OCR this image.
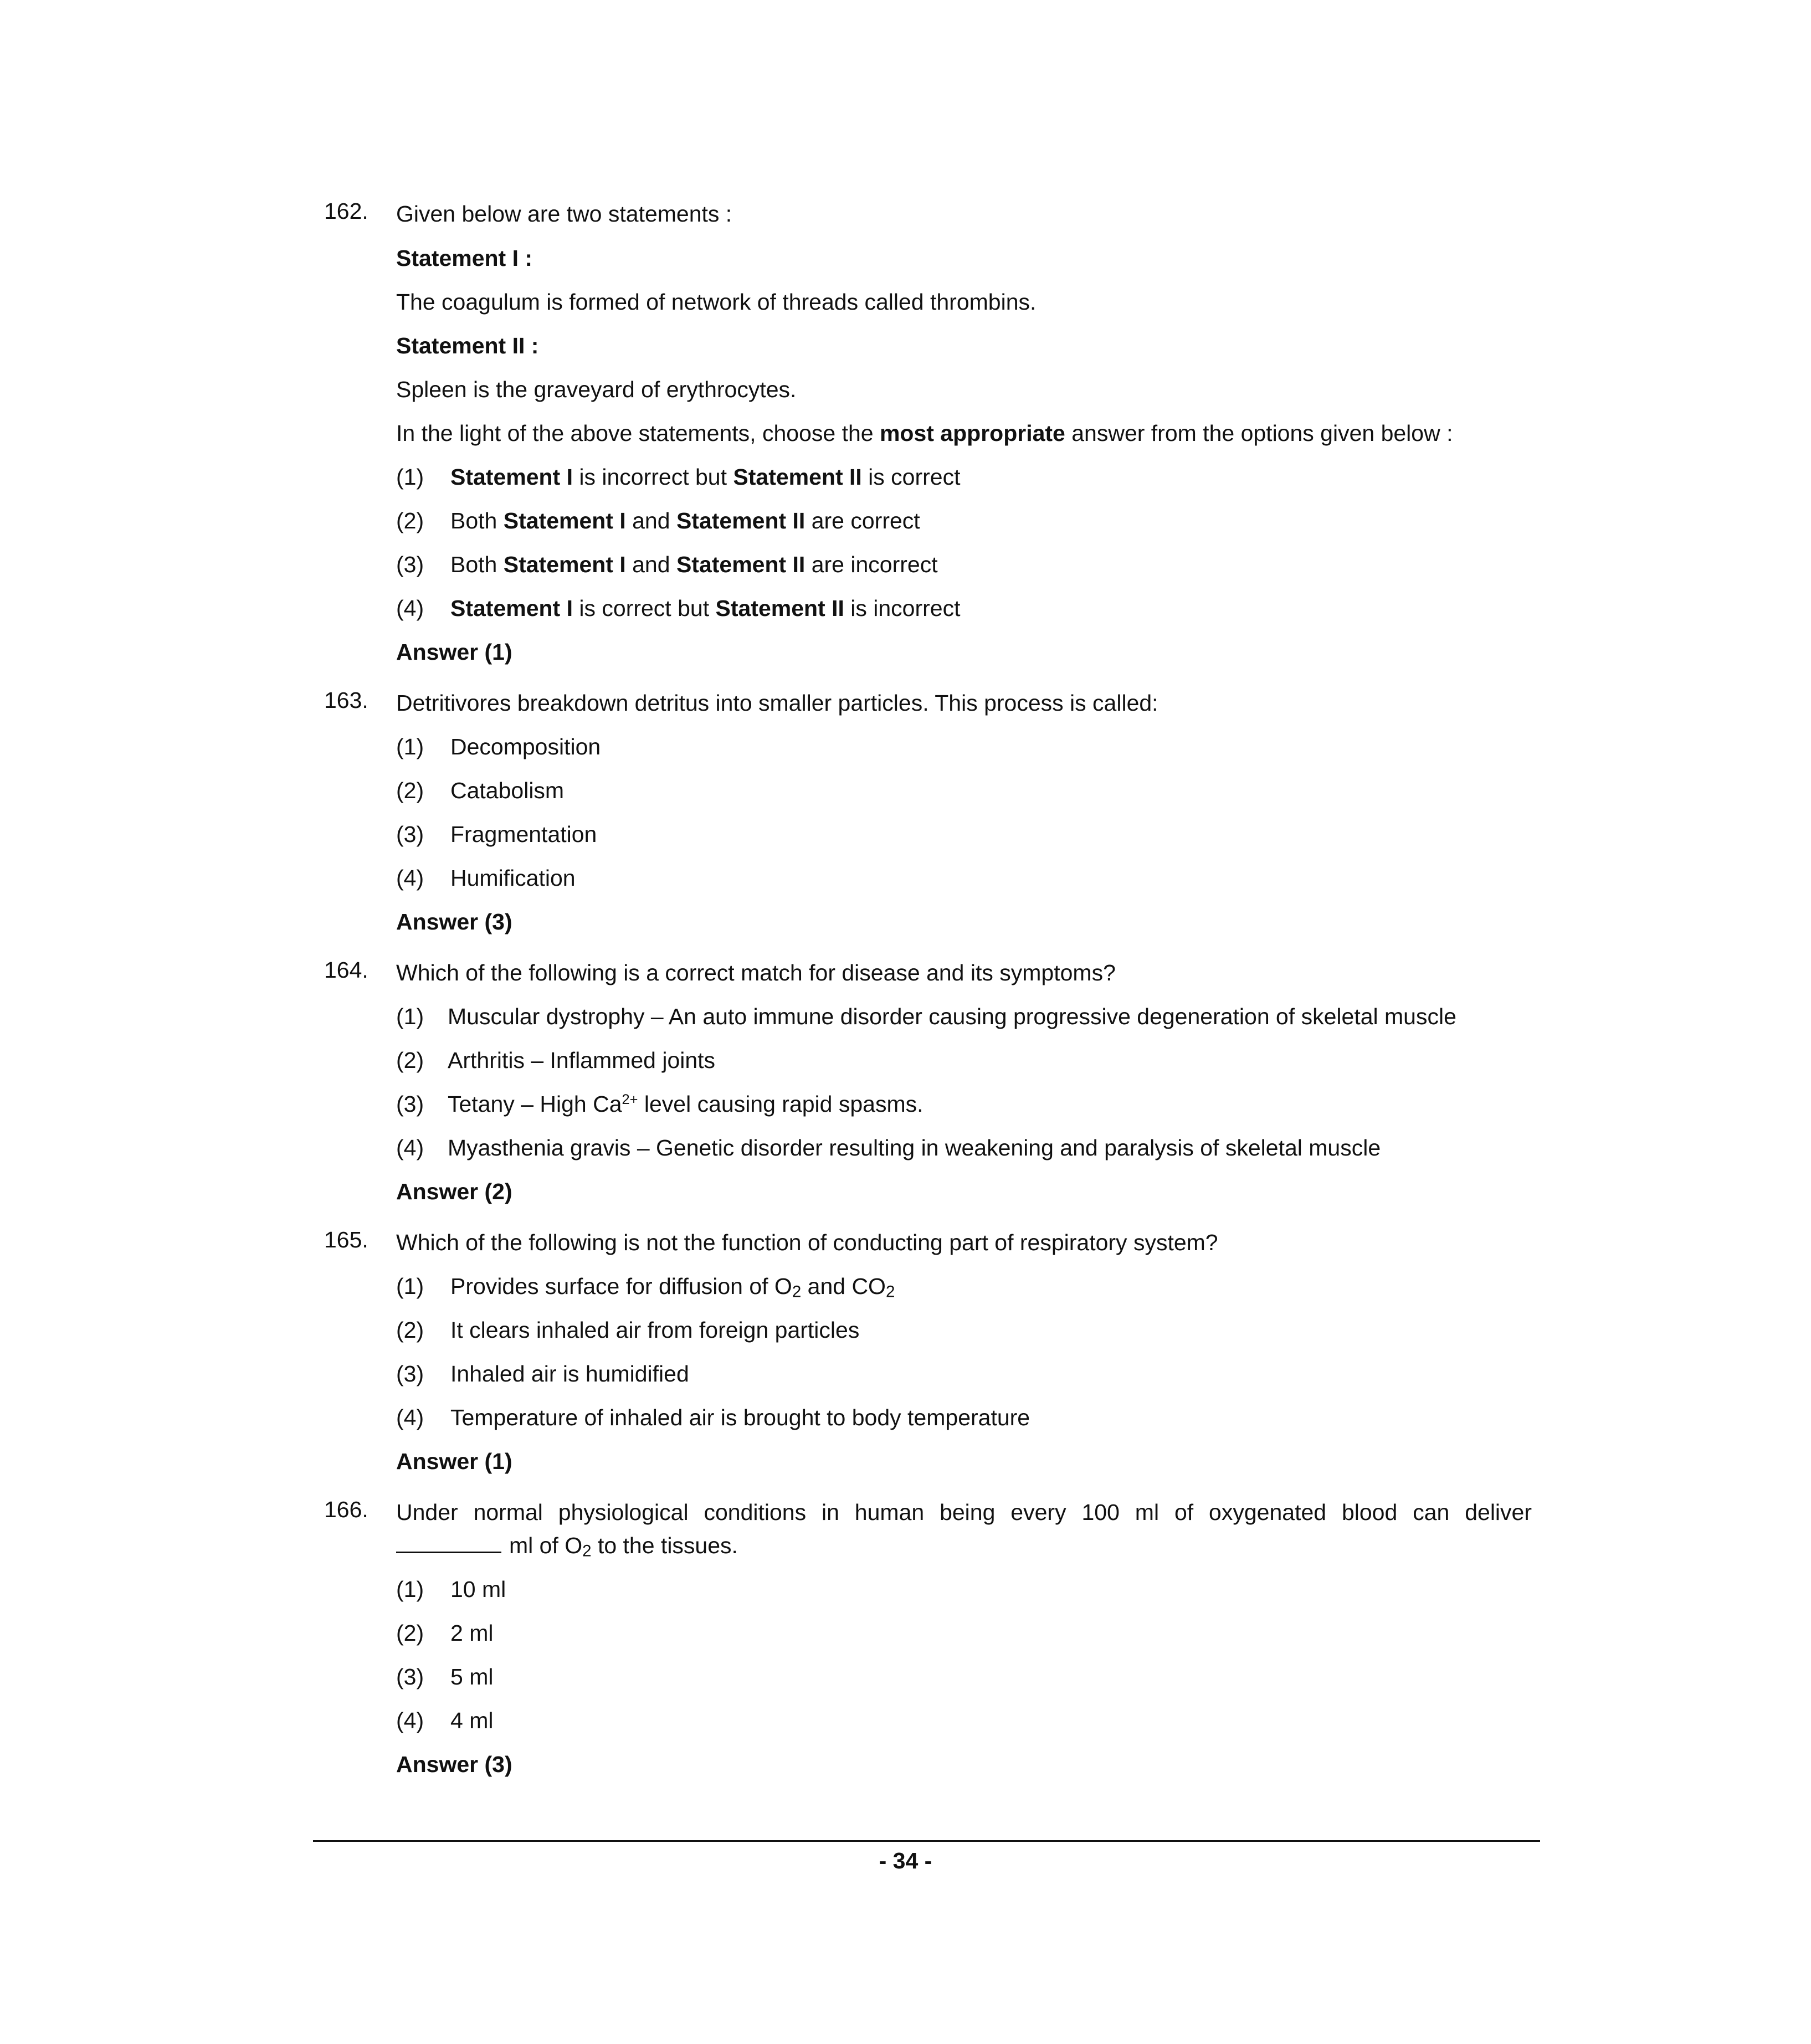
162. Given below are two statements :
Statement I :
The coagulum is formed of network of threads called thrombins.
Statement II :
Spleen is the graveyard of erythrocytes.
In the light of the above statements, choose the most appropriate answer from the options given below :
(1) Statement I is incorrect but Statement II is correct
(2) Both Statement I and Statement II are correct
(3) Both Statement I and Statement II are incorrect
(4) Statement I is correct but Statement II is incorrect
Answer (1)
163. Detritivores breakdown detritus into smaller particles. This process is called:
(1) Decomposition
(2) Catabolism
(3) Fragmentation
(4) Humification
Answer (3)
164. Which of the following is a correct match for disease and its symptoms?
(1) Muscular dystrophy – An auto immune disorder causing progressive degeneration of skeletal muscle
(2) Arthritis – Inflammed joints
(3) Tetany – High $Ca^{2+}$ level causing rapid spasms.
(4) Myasthenia gravis – Genetic disorder resulting in weakening and paralysis of skeletal muscle
Answer (2)
165. Which of the following is not the function of conducting part of respiratory system?
(1) Provides surface for diffusion of $O_2$ and $CO_2$
(2) It clears inhaled air from foreign particles
(3) Inhaled air is humidified
(4) Temperature of inhaled air is brought to body temperature
Answer (1)
166. Under normal physiological conditions in human being every 100 ml of oxygenated blood can deliver
ml of $O_2$ to the tissues.
(1) 10 ml
(2) 2 ml
(3) 5 ml
(4) 4 ml
Answer (3)
- 34 -
